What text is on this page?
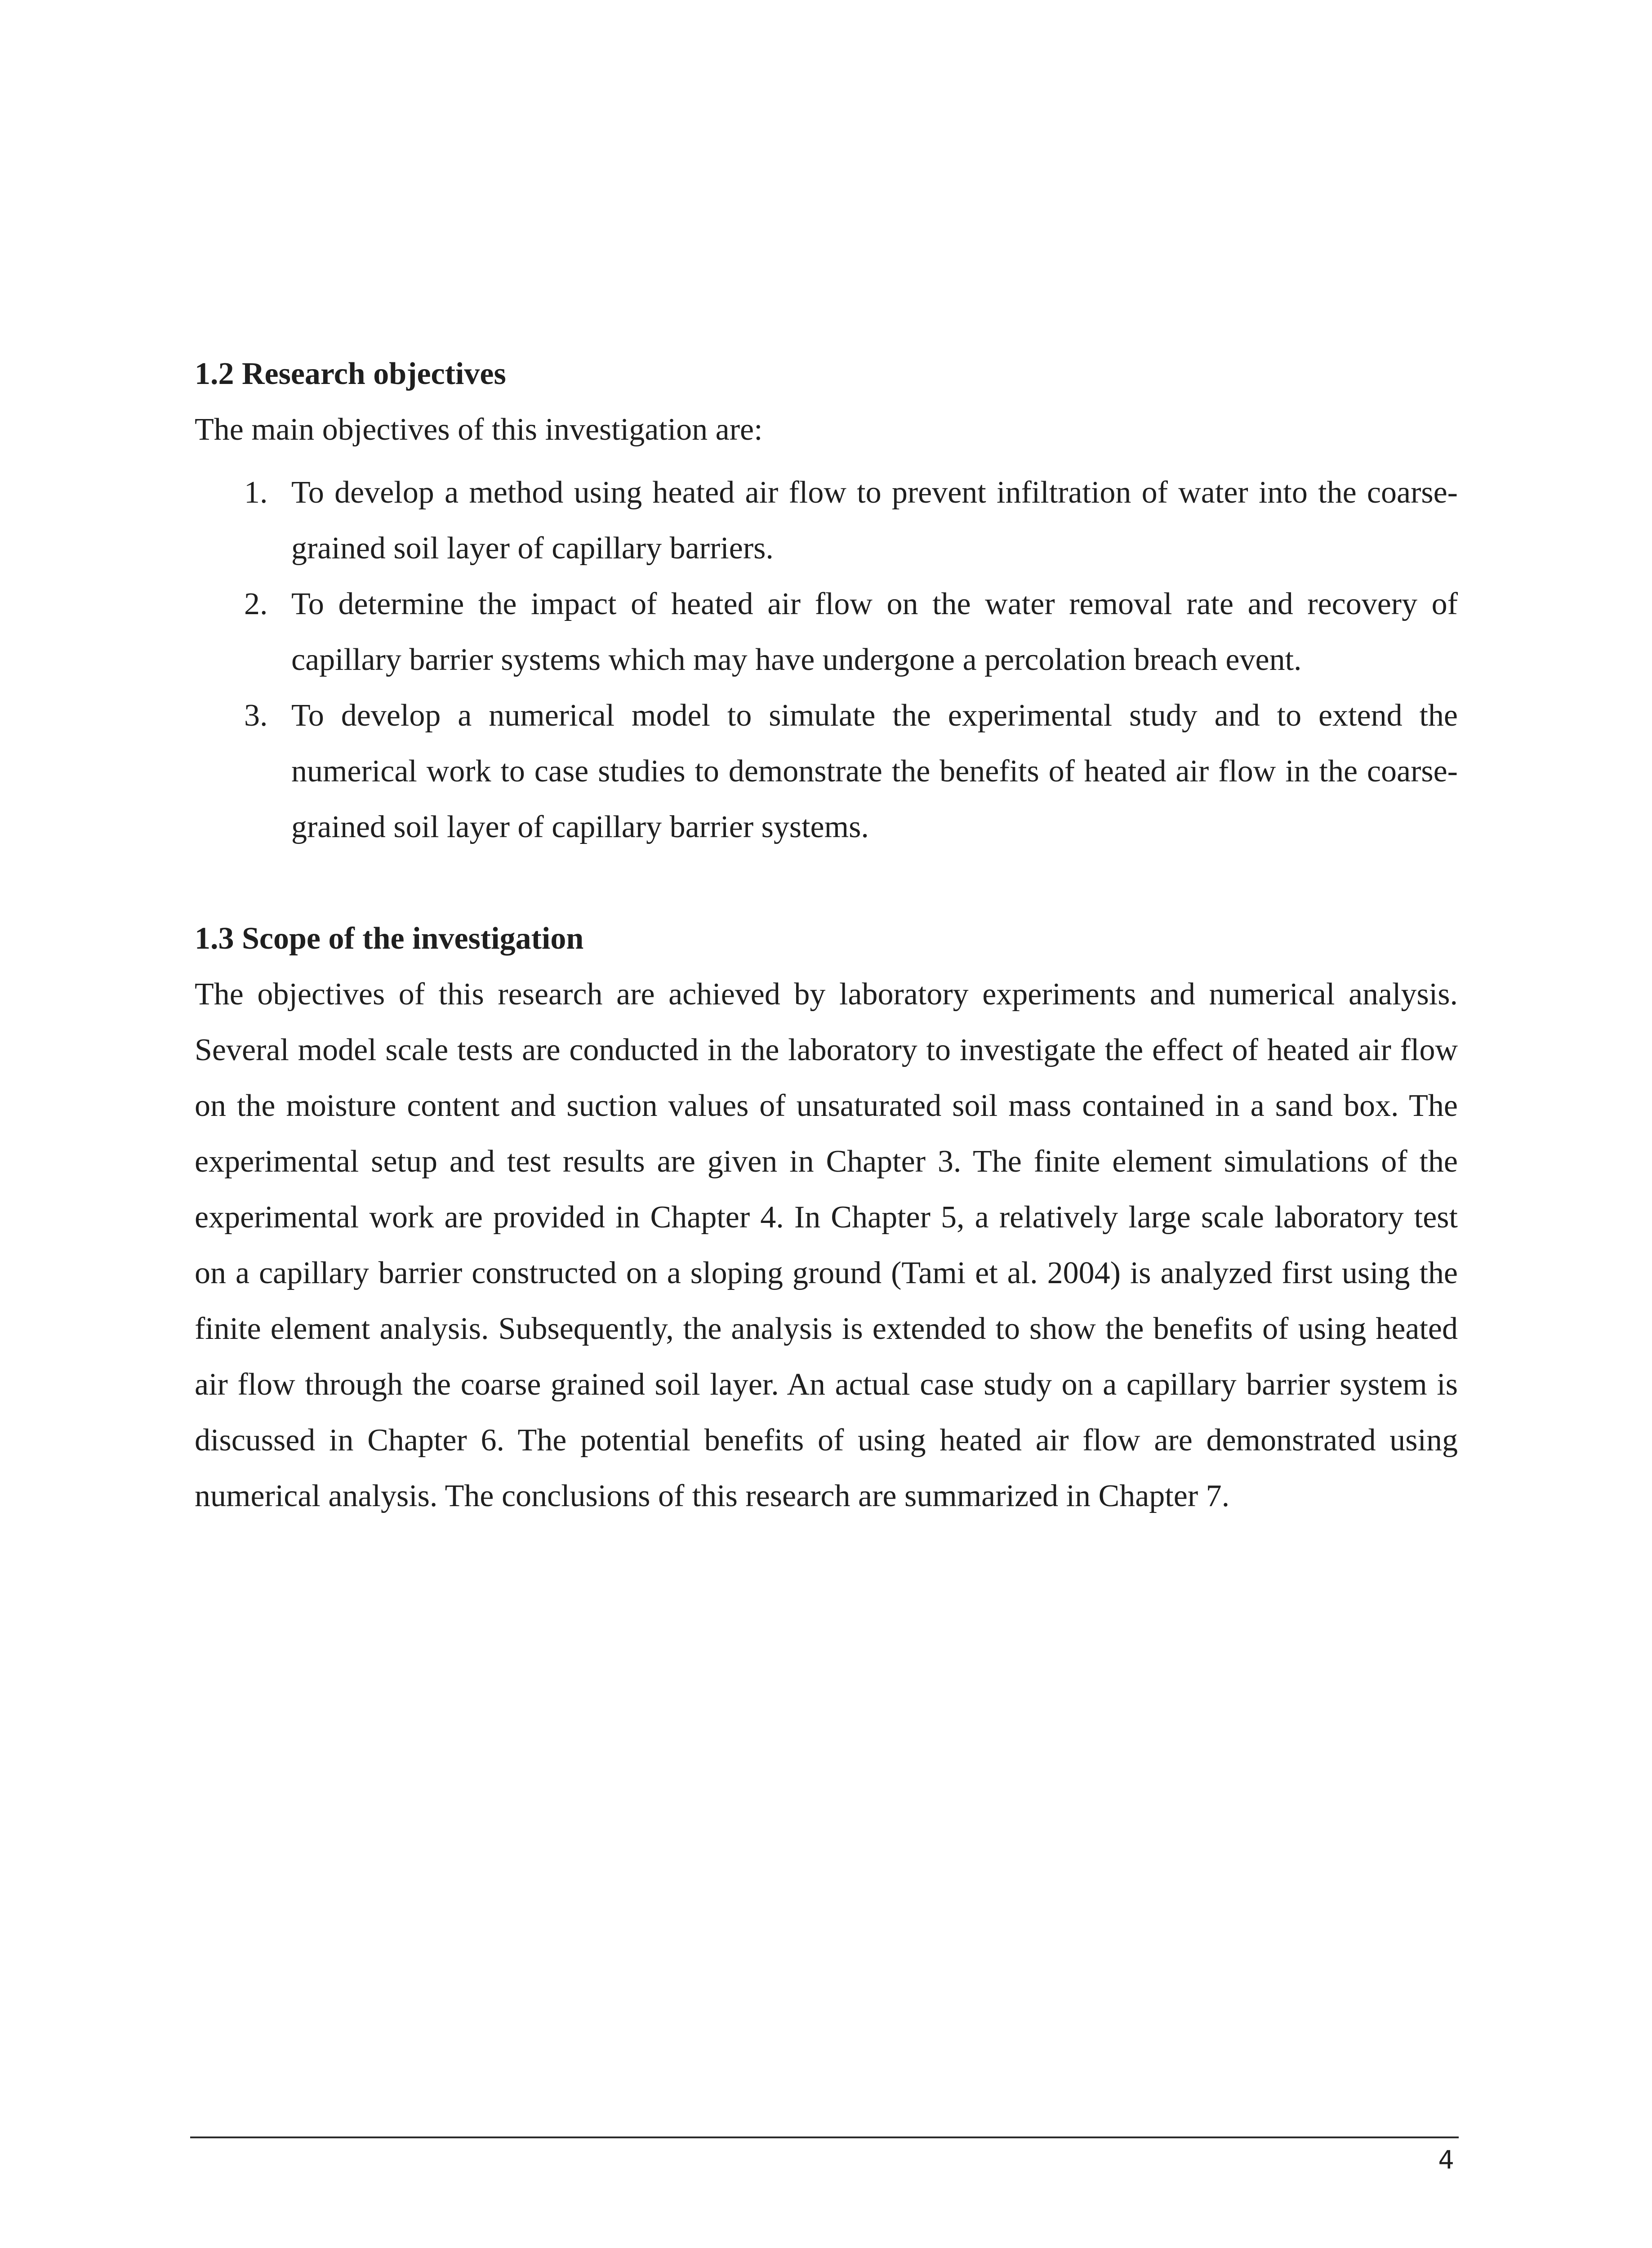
1.2 Research objectives

The main objectives of this investigation are:

1. To develop a method using heated air flow to prevent infiltration of water into the coarse-grained soil layer of capillary barriers.
2. To determine the impact of heated air flow on the water removal rate and recovery of capillary barrier systems which may have undergone a percolation breach event.
3. To develop a numerical model to simulate the experimental study and to extend the numerical work to case studies to demonstrate the benefits of heated air flow in the coarse-grained soil layer of capillary barrier systems.
1.3 Scope of the investigation

The objectives of this research are achieved by laboratory experiments and numerical analysis. Several model scale tests are conducted in the laboratory to investigate the effect of heated air flow on the moisture content and suction values of unsaturated soil mass contained in a sand box. The experimental setup and test results are given in Chapter 3. The finite element simulations of the experimental work are provided in Chapter 4. In Chapter 5, a relatively large scale laboratory test on a capillary barrier constructed on a sloping ground (Tami et al. 2004) is analyzed first using the finite element analysis. Subsequently, the analysis is extended to show the benefits of using heated air flow through the coarse grained soil layer. An actual case study on a capillary barrier system is discussed in Chapter 6. The potential benefits of using heated air flow are demonstrated using numerical analysis. The conclusions of this research are summarized in Chapter 7.

4
